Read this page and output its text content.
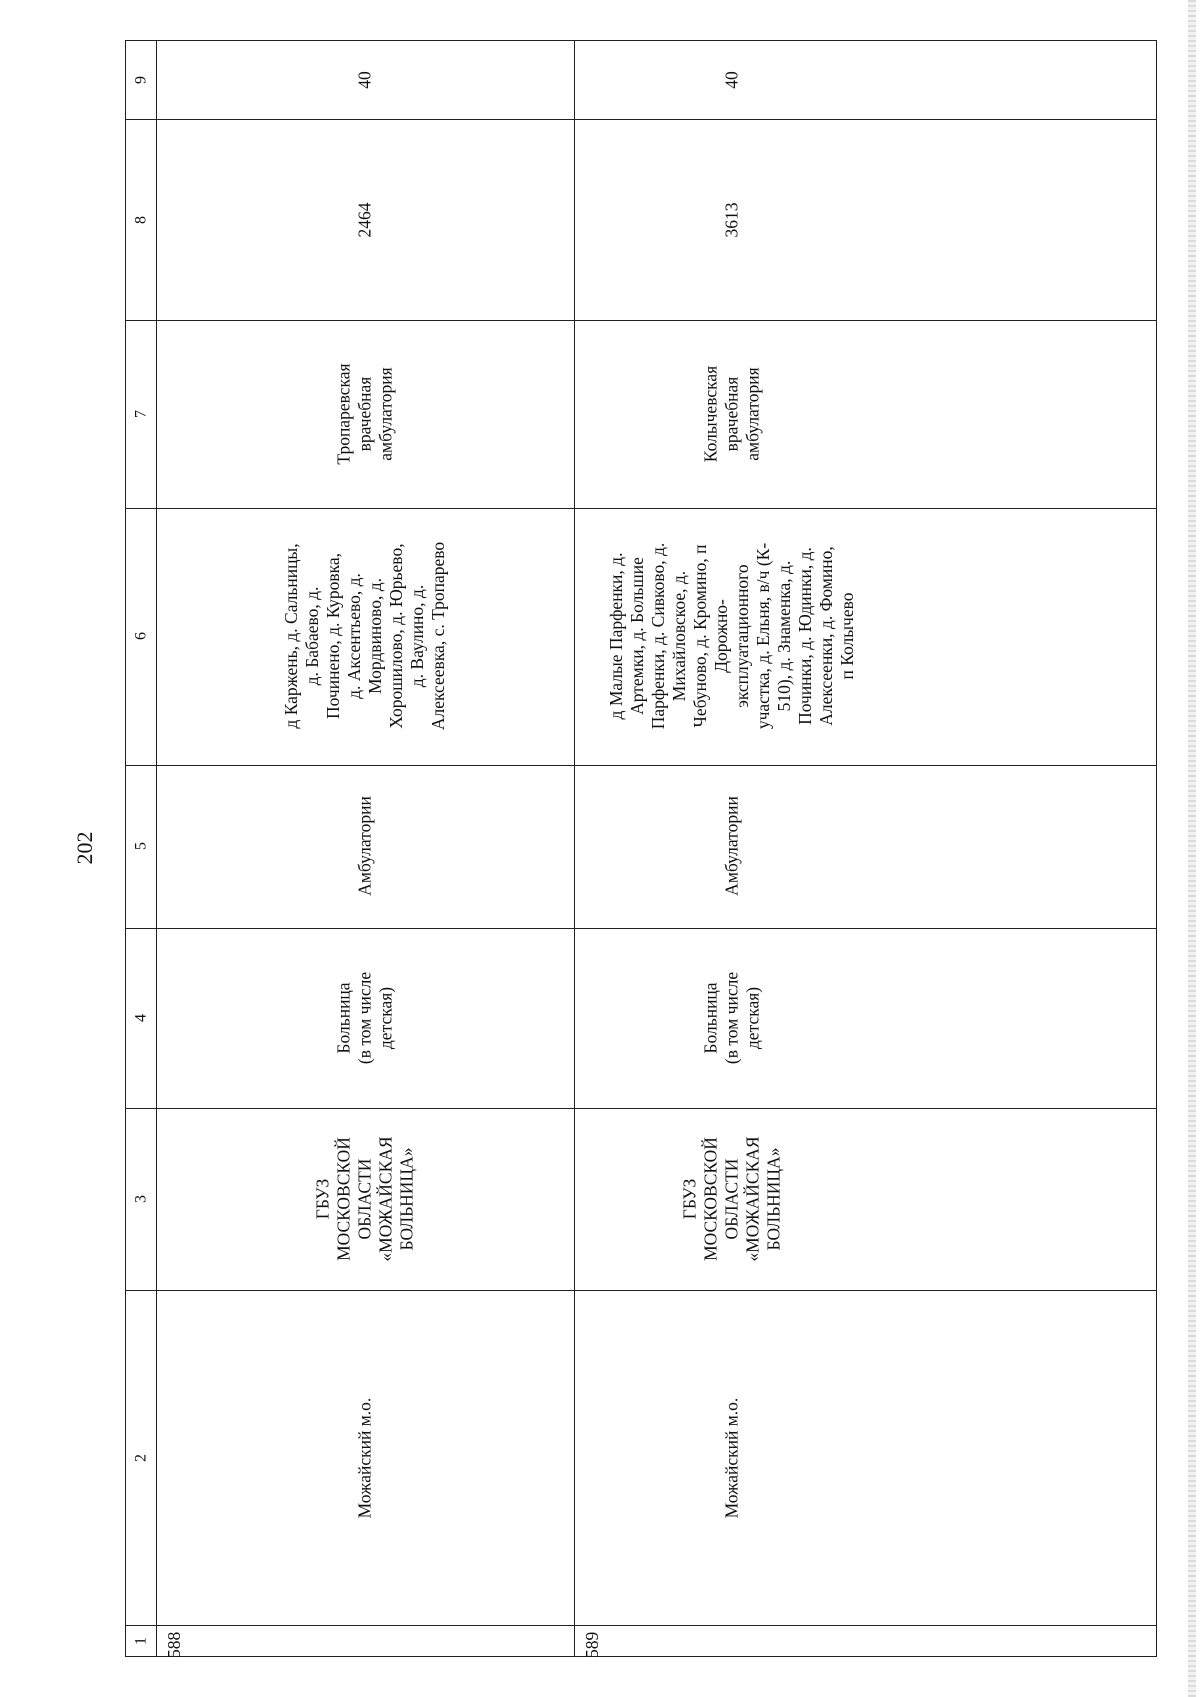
202
1
2
3
4
5
6
7
8
9
588
Можайский м.о.
ГБУЗ МОСКОВСКОЙ ОБЛАСТИ «МОЖАЙСКАЯ БОЛЬНИЦА»
Больница (в том числе детская)
Амбулатории
д Каржень, д. Сальницы, д. Бабаево, д. Починено, д. Куровка, д. Аксентьево, д. Мордвиново, д. Хорошилово, д. Юрьево, д. Ваулино, д. Алексеевка, с. Тропарево
Тропаревская врачебная амбулатория
2464
40
589
Можайский м.о.
ГБУЗ МОСКОВСКОЙ ОБЛАСТИ «МОЖАЙСКАЯ БОЛЬНИЦА»
Больница (в том числе детская)
Амбулатории
д Малые Парфенки, д. Артемки, д. Большие Парфенки, д. Сивково, д. Михайловское, д. Чебуново, д. Кромино, п Дорожно- эксплуатационного участка, д. Ельня, в/ч (К- 510), д. Знаменка, д. Починки, д. Юдинки, д. Алексеенки, д. Фомино, п Колычево
Колычевская врачебная амбулатория
3613
40
